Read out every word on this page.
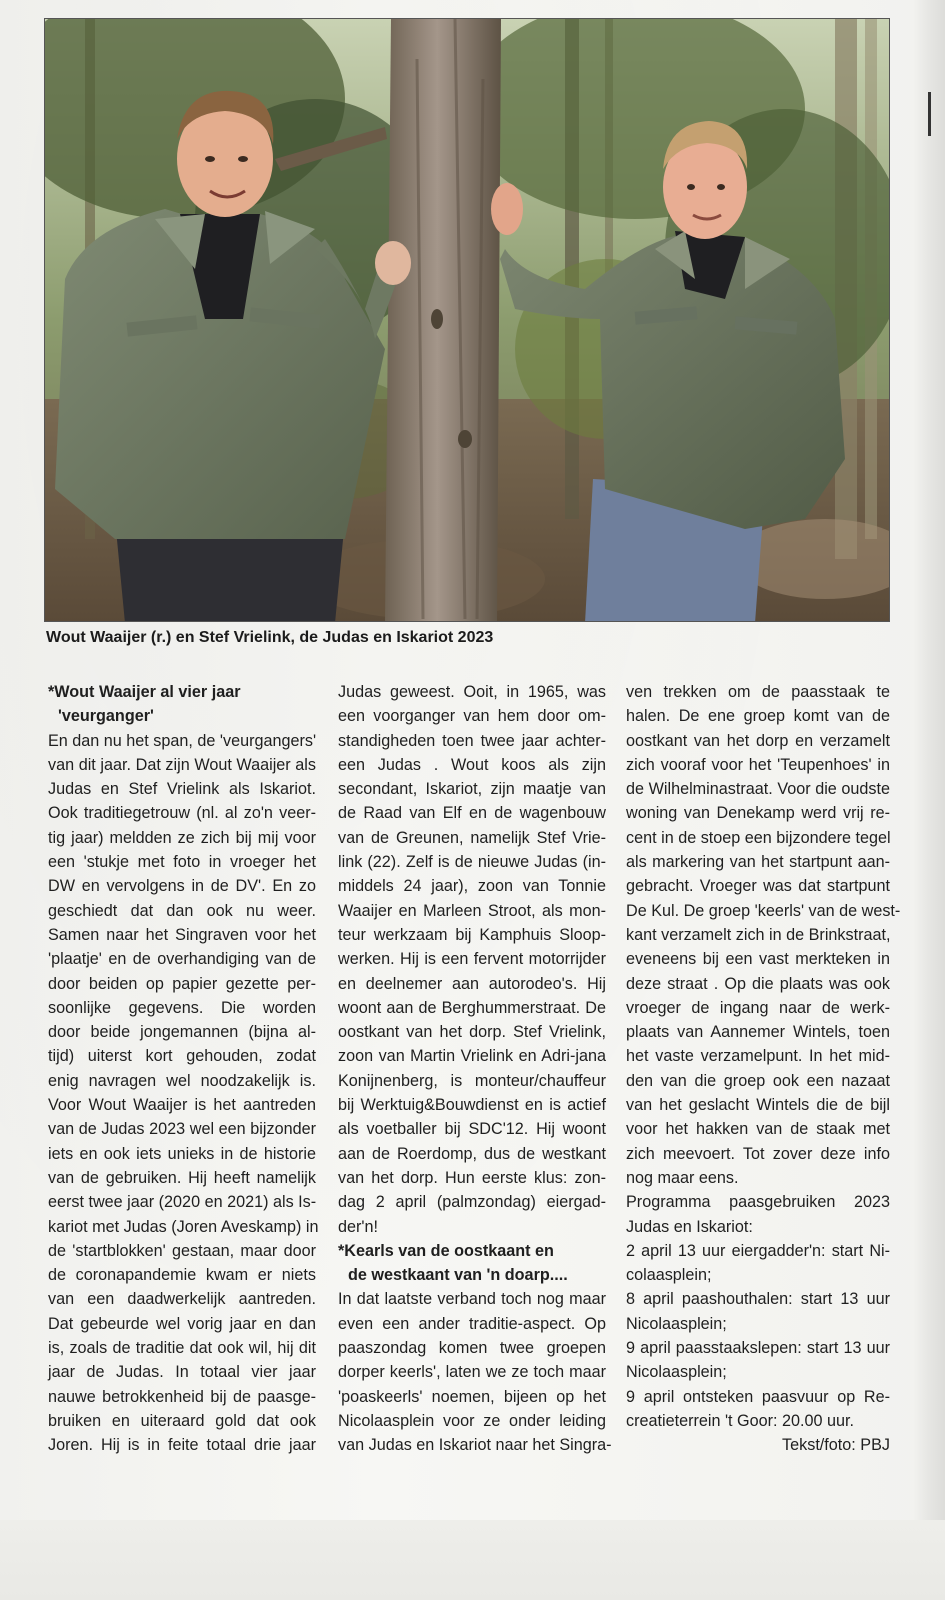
Wout Waaijer (r.) en Stef Vrielink, de Judas en Iskariot 2023
*Wout Waaijer al vier jaar
'veurganger'
En dan nu het span, de 'veurgangers'
van dit jaar. Dat zijn Wout Waaijer als
Judas en Stef Vrielink als Iskariot.
Ook traditiegetrouw (nl. al zo'n veer-
tig jaar) meldden ze zich bij mij voor
een 'stukje met foto in vroeger het
DW en vervolgens in de DV'. En zo
geschiedt dat dan ook nu weer.
Samen naar het Singraven voor het
'plaatje' en de overhandiging van de
door beiden op papier gezette per-
soonlijke gegevens. Die worden
door beide jongemannen (bijna al-
tijd) uiterst kort gehouden, zodat
enig navragen wel noodzakelijk is.
Voor Wout Waaijer is het aantreden
van de Judas 2023 wel een bijzonder
iets en ook iets unieks in de historie
van de gebruiken. Hij heeft namelijk
eerst twee jaar (2020 en 2021) als Is-
kariot met Judas (Joren Aveskamp) in
de 'startblokken' gestaan, maar door
de coronapandemie kwam er niets
van een daadwerkelijk aantreden.
Dat gebeurde wel vorig jaar en dan
is, zoals de traditie dat ook wil, hij dit
jaar de Judas. In totaal vier jaar
nauwe betrokkenheid bij de paasge-
bruiken en uiteraard gold dat ook
Joren. Hij is in feite totaal drie jaar
Judas geweest. Ooit, in 1965, was
een voorganger van hem door om-
standigheden toen twee jaar achter-
een Judas . Wout koos als zijn
secondant, Iskariot, zijn maatje van
de Raad van Elf en de wagenbouw
van de Greunen, namelijk Stef Vrie-
link (22). Zelf is de nieuwe Judas (in-
middels 24 jaar), zoon van Tonnie
Waaijer en Marleen Stroot, als mon-
teur werkzaam bij Kamphuis Sloop-
werken. Hij is een fervent motorrijder
en deelnemer aan autorodeo's. Hij
woont aan de Berghummerstraat. De
oostkant van het dorp. Stef Vrielink,
zoon van Martin Vrielink en Adri-jana
Konijnenberg, is monteur/chauffeur
bij Werktuig&Bouwdienst en is actief
als voetballer bij SDC'12. Hij woont
aan de Roerdomp, dus de westkant
van het dorp. Hun eerste klus: zon-
dag 2 april (palmzondag) eiergad-
der'n!
*Kearls van de oostkaant en
de westkaant van 'n doarp....
In dat laatste verband toch nog maar
even een ander traditie-aspect. Op
paaszondag komen twee groepen
dorper keerls', laten we ze toch maar
'poaskeerls' noemen, bijeen op het
Nicolaasplein voor ze onder leiding
van Judas en Iskariot naar het Singra-
ven trekken om de paasstaak te
halen. De ene groep komt van de
oostkant van het dorp en verzamelt
zich vooraf voor het 'Teupenhoes' in
de Wilhelminastraat. Voor die oudste
woning van Denekamp werd vrij re-
cent in de stoep een bijzondere tegel
als markering van het startpunt aan-
gebracht. Vroeger was dat startpunt
De Kul. De groep 'keerls' van de west-
kant verzamelt zich in de Brinkstraat,
eveneens bij een vast merkteken in
deze straat . Op die plaats was ook
vroeger de ingang naar de werk-
plaats van Aannemer Wintels, toen
het vaste verzamelpunt. In het mid-
den van die groep ook een nazaat
van het geslacht Wintels die de bijl
voor het hakken van de staak met
zich meevoert. Tot zover deze info
nog maar eens.
Programma paasgebruiken 2023
Judas en Iskariot:
2 april 13 uur eiergadder'n: start Ni-
colaasplein;
8 april paashouthalen: start 13 uur
Nicolaasplein;
9 april paasstaakslepen: start 13 uur
Nicolaasplein;
9 april ontsteken paasvuur op Re-
creatieterrein 't Goor: 20.00 uur.
Tekst/foto: PBJ
